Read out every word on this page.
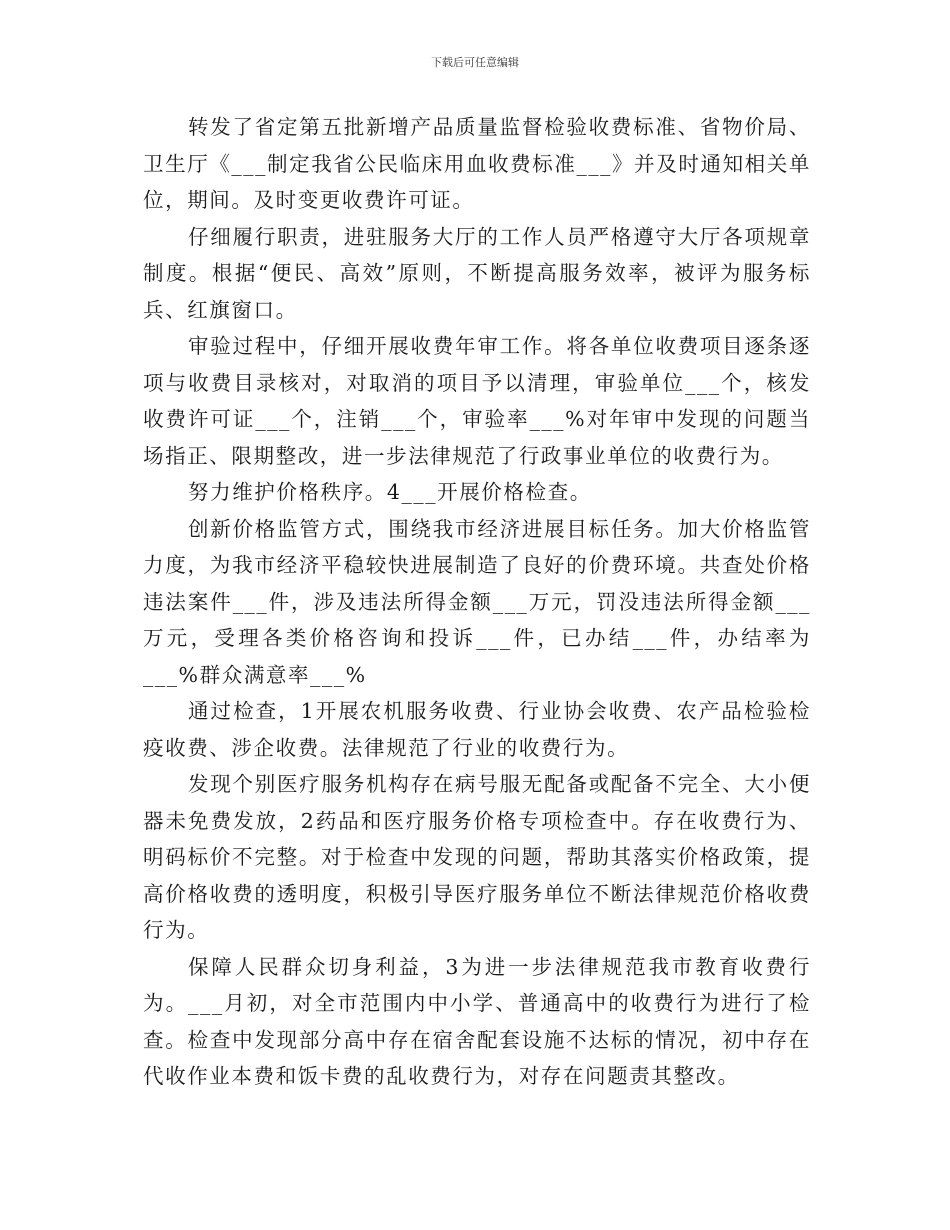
下载后可任意编辑

转发了省定第五批新增产品质量监督检验收费标准、省物价局、卫生厅《___制定我省公民临床用血收费标准___》并及时通知相关单位，期间。及时变更收费许可证。

仔细履行职责，进驻服务大厅的工作人员严格遵守大厅各项规章制度。根据“便民、高效”原则，不断提高服务效率，被评为服务标兵、红旗窗口。

审验过程中，仔细开展收费年审工作。将各单位收费项目逐条逐项与收费目录核对，对取消的项目予以清理，审验单位___个，核发收费许可证___个，注销___个，审验率___%对年审中发现的问题当场指正、限期整改，进一步法律规范了行政事业单位的收费行为。

努力维护价格秩序。4___开展价格检查。

创新价格监管方式，围绕我市经济进展目标任务。加大价格监管力度，为我市经济平稳较快进展制造了良好的价费环境。共查处价格违法案件___件，涉及违法所得金额___万元，罚没违法所得金额___万元，受理各类价格咨询和投诉___件，已办结___件，办结率为___%群众满意率___%

通过检查，1开展农机服务收费、行业协会收费、农产品检验检疫收费、涉企收费。法律规范了行业的收费行为。

发现个别医疗服务机构存在病号服无配备或配备不完全、大小便器未免费发放，2药品和医疗服务价格专项检查中。存在收费行为、明码标价不完整。对于检查中发现的问题，帮助其落实价格政策，提高价格收费的透明度，积极引导医疗服务单位不断法律规范价格收费行为。

保障人民群众切身利益，3为进一步法律规范我市教育收费行为。___月初，对全市范围内中小学、普通高中的收费行为进行了检查。检查中发现部分高中存在宿舍配套设施不达标的情况，初中存在代收作业本费和饭卡费的乱收费行为，对存在问题责其整改。
